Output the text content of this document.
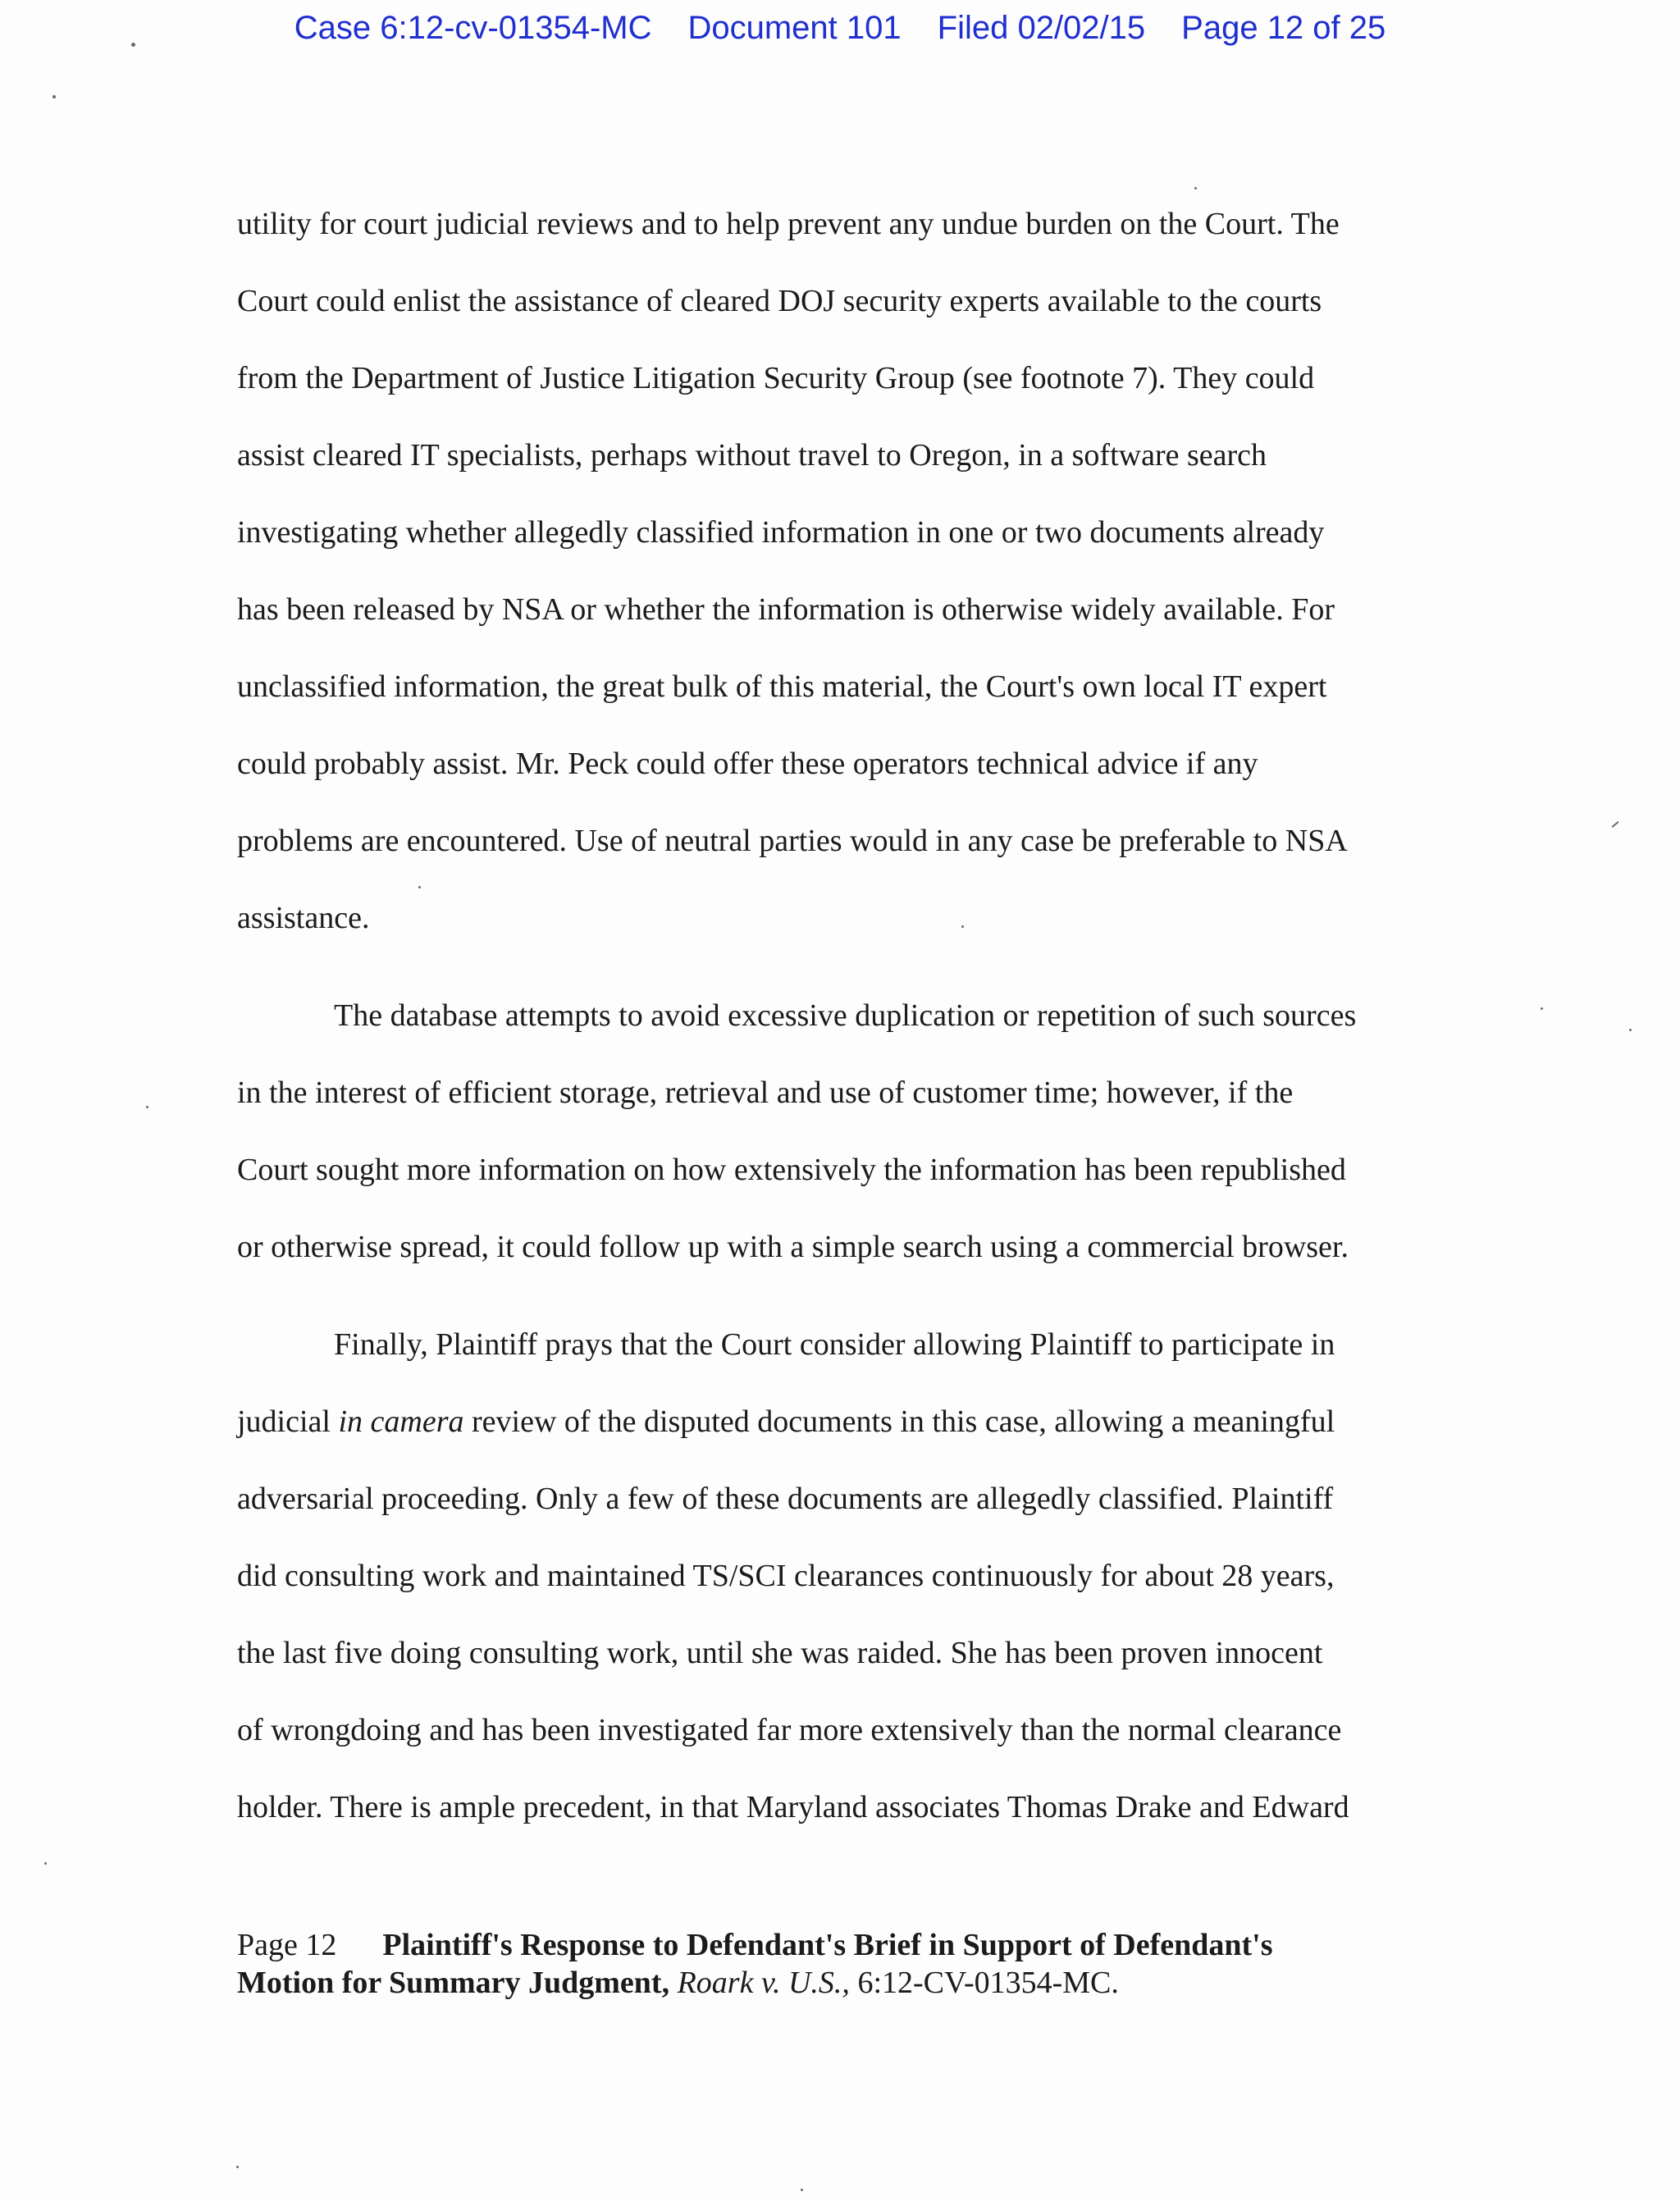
Case 6:12-cv-01354-MC Document 101 Filed 02/02/15 Page 12 of 25
utility for court judicial reviews and to help prevent any undue burden on the Court. The
Court could enlist the assistance of cleared DOJ security experts available to the courts
from the Department of Justice Litigation Security Group (see footnote 7). They could
assist cleared IT specialists, perhaps without travel to Oregon, in a software search
investigating whether allegedly classified information in one or two documents already
has been released by NSA or whether the information is otherwise widely available. For
unclassified information, the great bulk of this material, the Court's own local IT expert
could probably assist. Mr. Peck could offer these operators technical advice if any
problems are encountered. Use of neutral parties would in any case be preferable to NSA
assistance.
The database attempts to avoid excessive duplication or repetition of such sources
in the interest of efficient storage, retrieval and use of customer time; however, if the
Court sought more information on how extensively the information has been republished
or otherwise spread, it could follow up with a simple search using a commercial browser.
Finally, Plaintiff prays that the Court consider allowing Plaintiff to participate in
judicial in camera review of the disputed documents in this case, allowing a meaningful
adversarial proceeding. Only a few of these documents are allegedly classified. Plaintiff
did consulting work and maintained TS/SCI clearances continuously for about 28 years,
the last five doing consulting work, until she was raided. She has been proven innocent
of wrongdoing and has been investigated far more extensively than the normal clearance
holder. There is ample precedent, in that Maryland associates Thomas Drake and Edward
Page 12 Plaintiff's Response to Defendant's Brief in Support of Defendant's
Motion for Summary Judgment, Roark v. U.S., 6:12-CV-01354-MC.
